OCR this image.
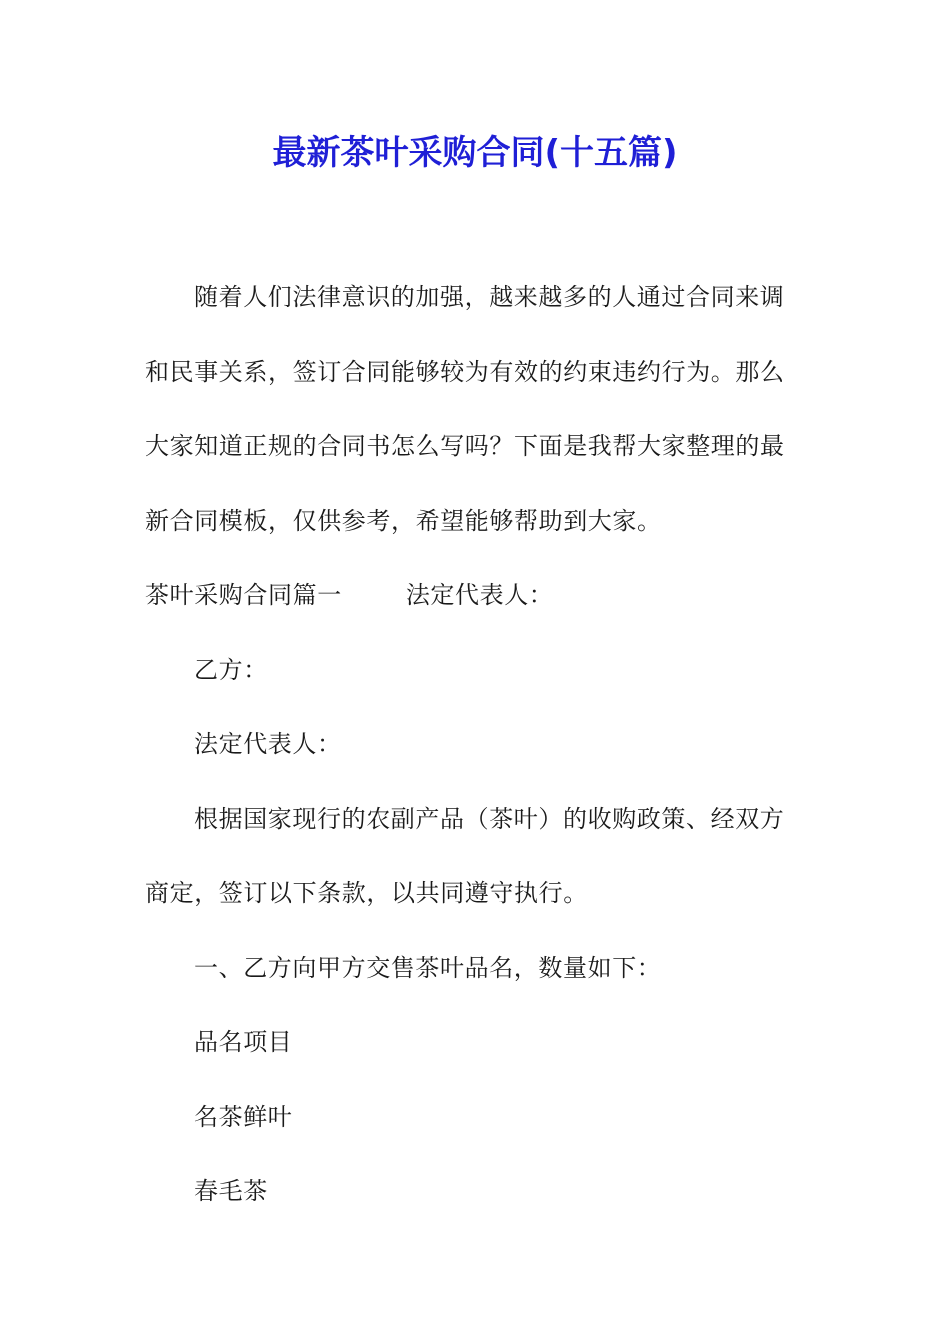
最新茶叶采购合同(十五篇)

随着人们法律意识的加强，越来越多的人通过合同来调和民事关系，签订合同能够较为有效的约束违约行为。那么大家知道正规的合同书怎么写吗？下面是我帮大家整理的最新合同模板，仅供参考，希望能够帮助到大家。

茶叶采购合同篇一	法定代表人：

乙方：

法定代表人：

根据国家现行的农副产品（茶叶）的收购政策、经双方商定，签订以下条款，以共同遵守执行。

一、乙方向甲方交售茶叶品名，数量如下：

品名项目

名茶鲜叶

春毛茶
